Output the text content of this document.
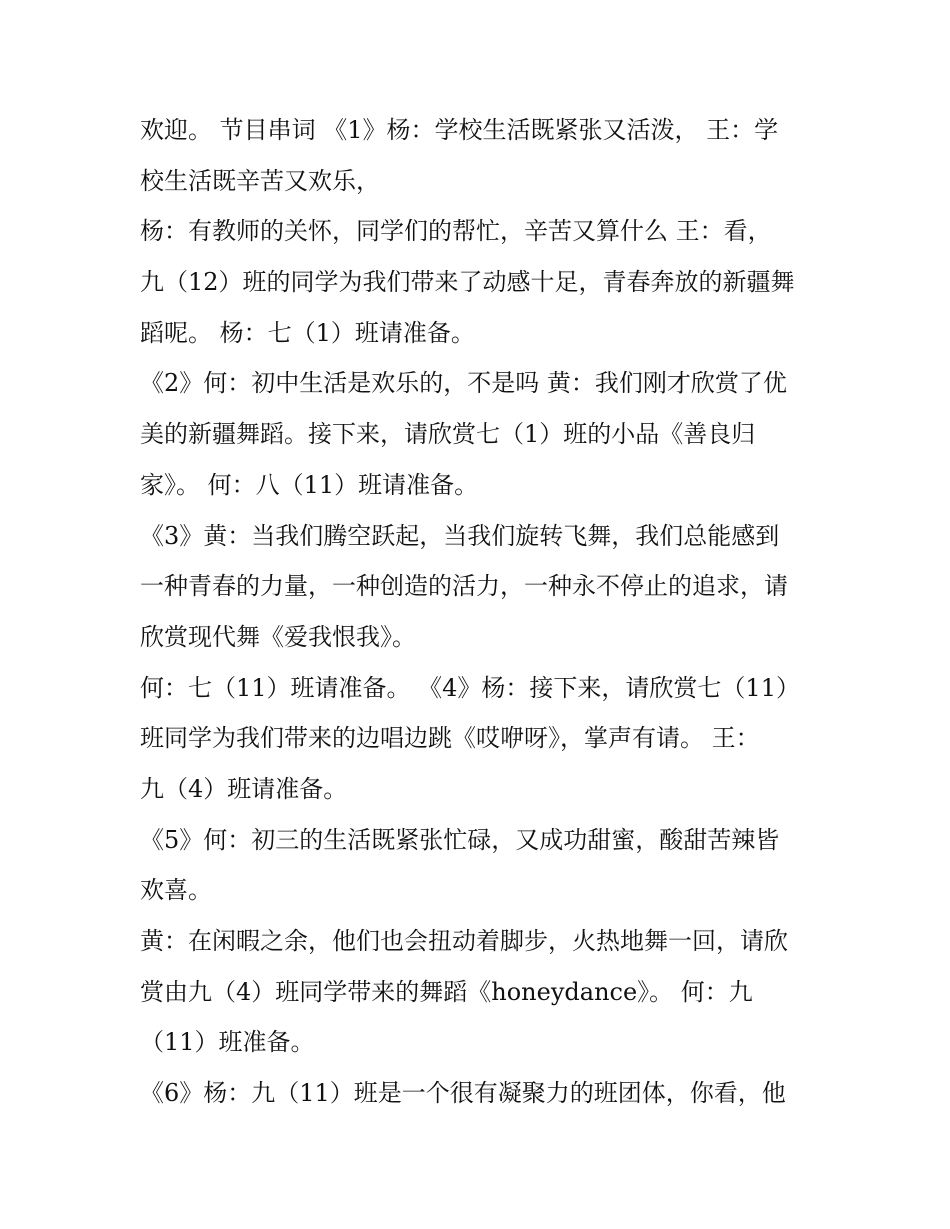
欢迎。 节目串词 《1》杨：学校生活既紧张又活泼， 王：学
校生活既辛苦又欢乐，
杨：有教师的关怀，同学们的帮忙，辛苦又算什么 王：看，
九（12）班的同学为我们带来了动感十足，青春奔放的新疆舞
蹈呢。 杨：七（1）班请准备。
《2》何：初中生活是欢乐的，不是吗 黄：我们刚才欣赏了优
美的新疆舞蹈。接下来，请欣赏七（1）班的小品《善良归
家》。 何：八（11）班请准备。
《3》黄：当我们腾空跃起，当我们旋转飞舞，我们总能感到
一种青春的力量，一种创造的活力，一种永不停止的追求，请
欣赏现代舞《爱我恨我》。
何：七（11）班请准备。 《4》杨：接下来，请欣赏七（11）
班同学为我们带来的边唱边跳《哎咿呀》，掌声有请。 王：
九（4）班请准备。
《5》何：初三的生活既紧张忙碌，又成功甜蜜，酸甜苦辣皆
欢喜。
黄：在闲暇之余，他们也会扭动着脚步，火热地舞一回，请欣
赏由九（4）班同学带来的舞蹈《honeydance》。 何：九
（11）班准备。
《6》杨：九（11）班是一个很有凝聚力的班团体，你看，他
